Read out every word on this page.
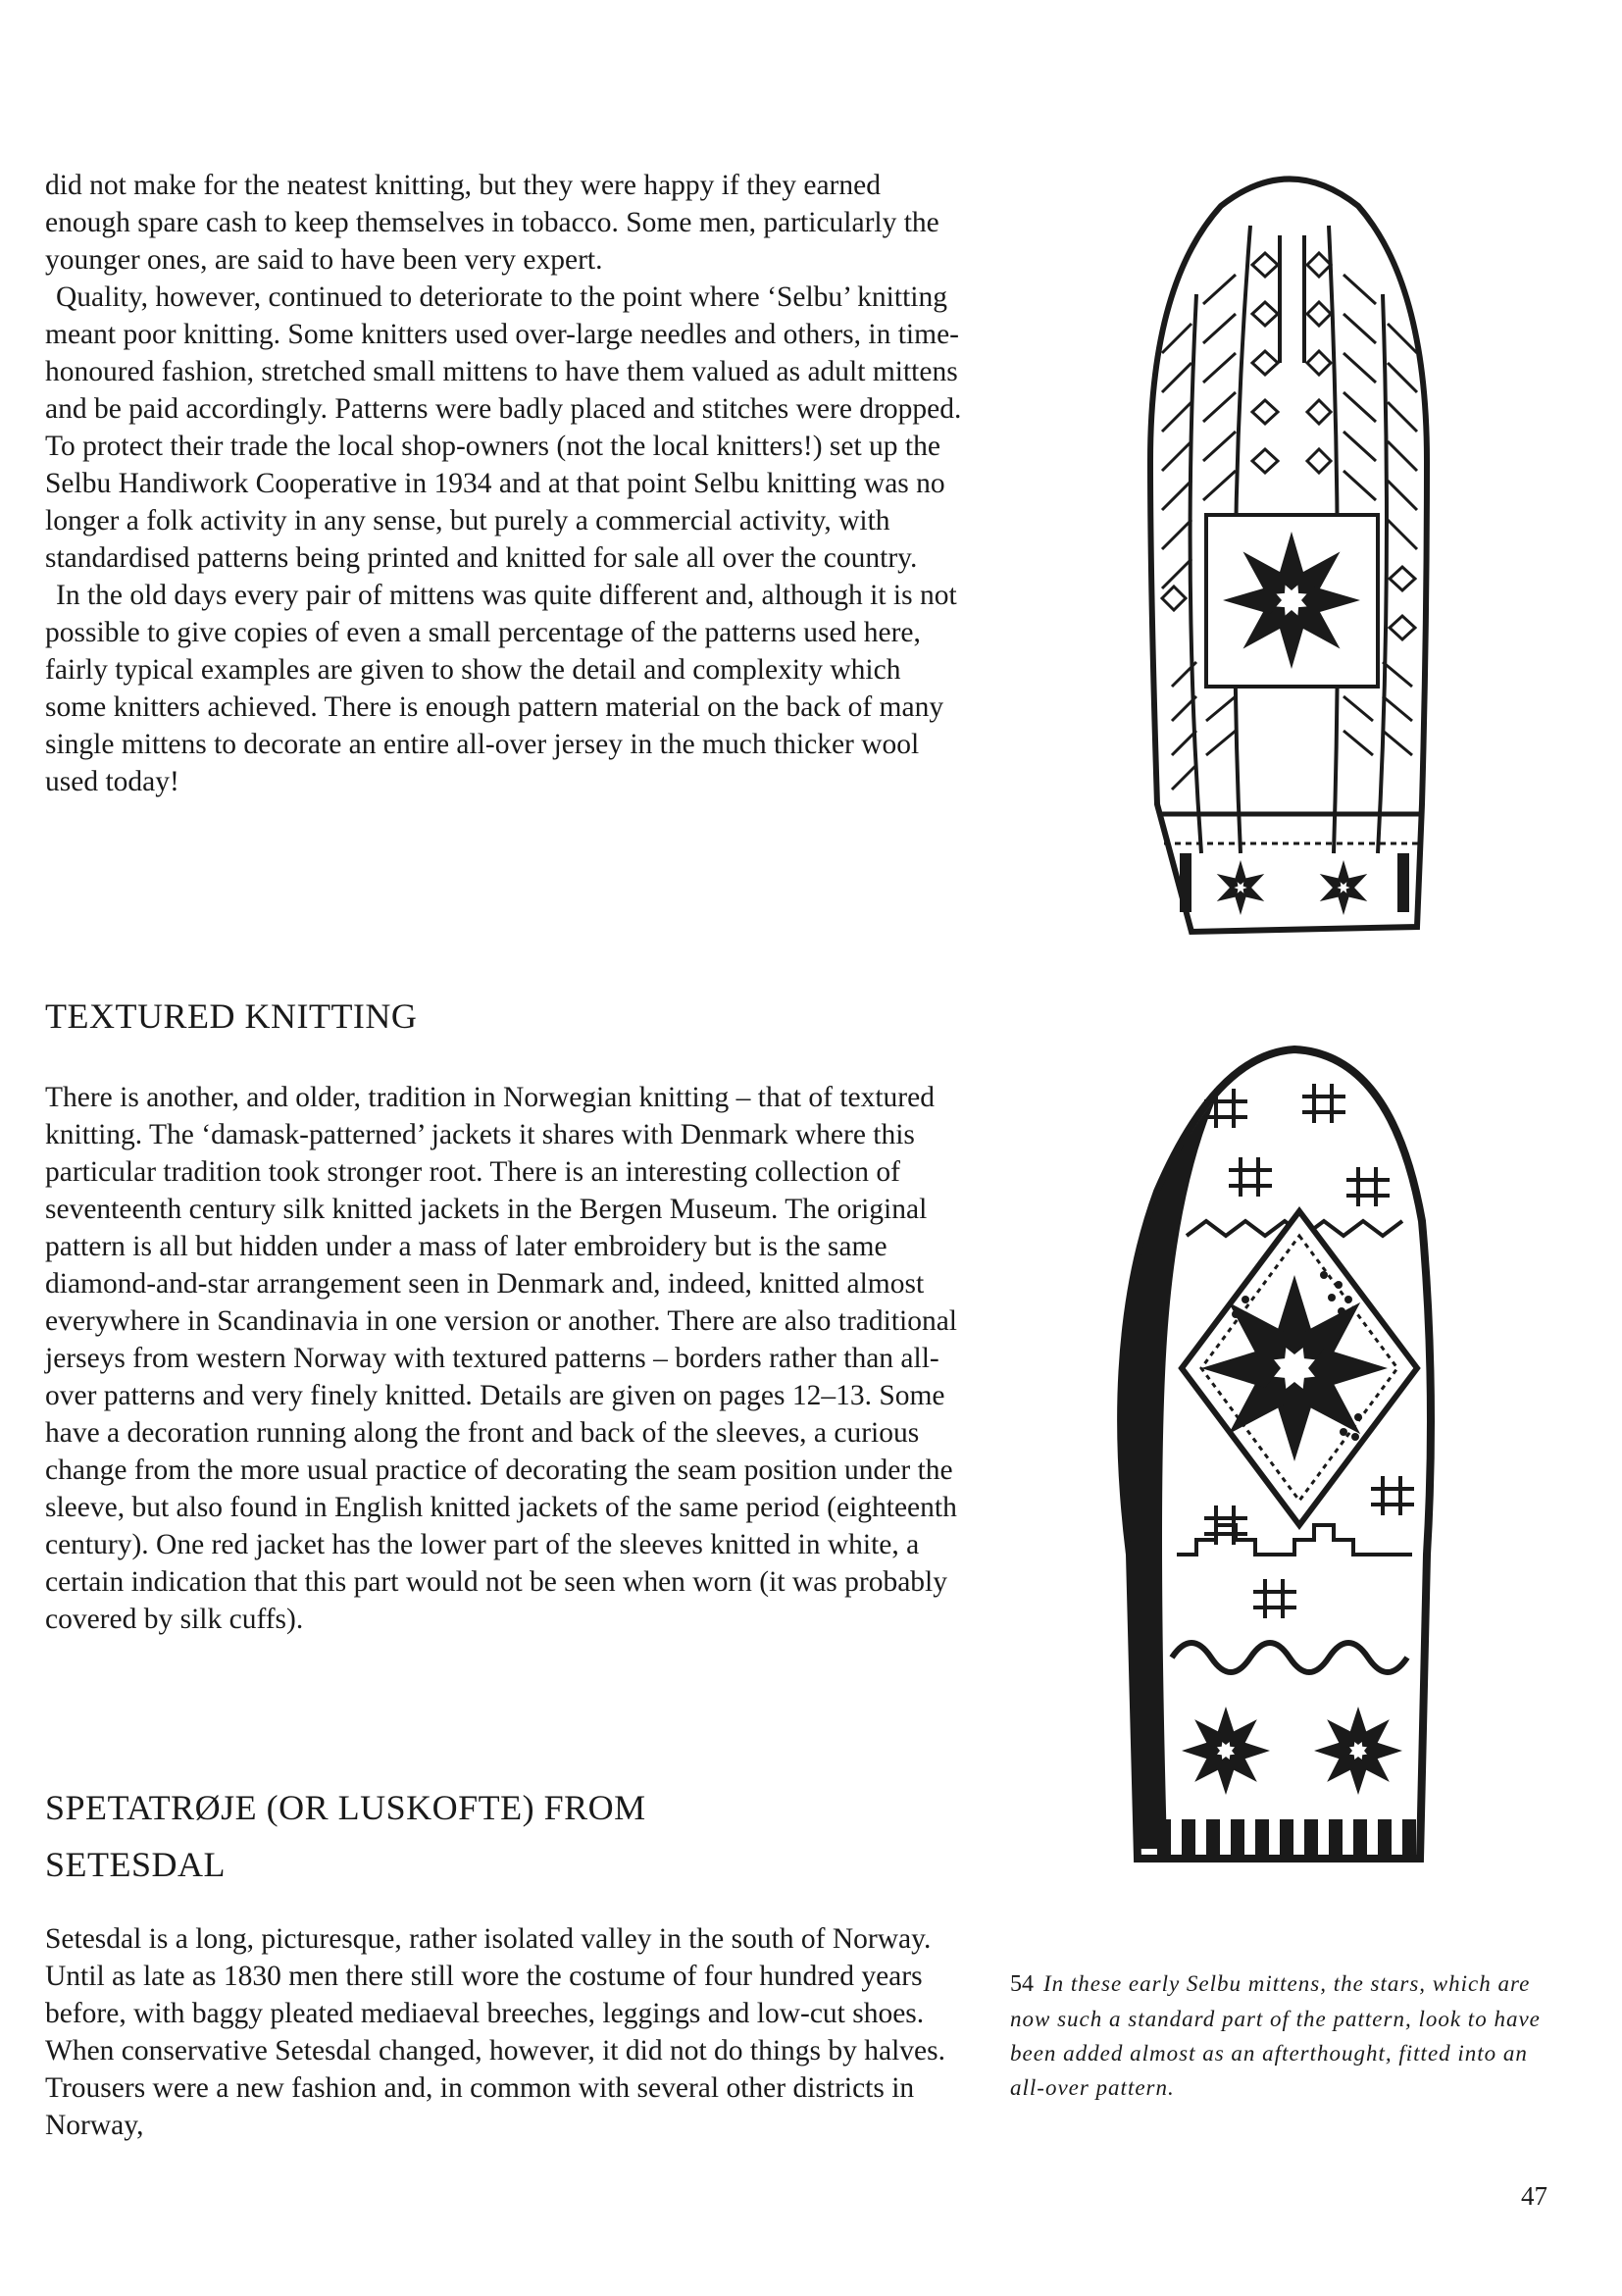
did not make for the neatest knitting, but they were happy if they earned enough spare cash to keep themselves in tobacco. Some men, particularly the younger ones, are said to have been very expert.

Quality, however, continued to deteriorate to the point where ‘Selbu’ knitting meant poor knitting. Some knitters used over-large needles and others, in time-honoured fashion, stretched small mittens to have them valued as adult mittens and be paid accordingly. Patterns were badly placed and stitches were dropped. To protect their trade the local shop-owners (not the local knitters!) set up the Selbu Handiwork Cooperative in 1934 and at that point Selbu knitting was no longer a folk activity in any sense, but purely a commercial activity, with standardised patterns being printed and knitted for sale all over the country.

In the old days every pair of mittens was quite different and, although it is not possible to give copies of even a small percentage of the patterns used here, fairly typical examples are given to show the detail and complexity which some knitters achieved. There is enough pattern material on the back of many single mittens to decorate an entire all-over jersey in the much thicker wool used today!

TEXTURED KNITTING

There is another, and older, tradition in Norwegian knitting – that of textured knitting. The ‘damask-patterned’ jackets it shares with Denmark where this particular tradition took stronger root. There is an interesting collection of seventeenth century silk knitted jackets in the Bergen Museum. The original pattern is all but hidden under a mass of later embroidery but is the same diamond-and-star arrangement seen in Denmark and, indeed, knitted almost everywhere in Scandinavia in one version or another. There are also traditional jerseys from western Norway with textured patterns – borders rather than all-over patterns and very finely knitted. Details are given on pages 12–13. Some have a decoration running along the front and back of the sleeves, a curious change from the more usual practice of decorating the seam position under the sleeve, but also found in English knitted jackets of the same period (eighteenth century). One red jacket has the lower part of the sleeves knitted in white, a certain indication that this part would not be seen when worn (it was probably covered by silk cuffs).

SPETATRØJE (OR LUSKOFTE) FROM SETESDAL

Setesdal is a long, picturesque, rather isolated valley in the south of Norway. Until as late as 1830 men there still wore the costume of four hundred years before, with baggy pleated mediaeval breeches, leggings and low-cut shoes. When conservative Setesdal changed, however, it did not do things by halves. Trousers were a new fashion and, in common with several other districts in Norway,

54 In these early Selbu mittens, the stars, which are now such a standard part of the pattern, look to have been added almost as an afterthought, fitted into an all-over pattern.
47
